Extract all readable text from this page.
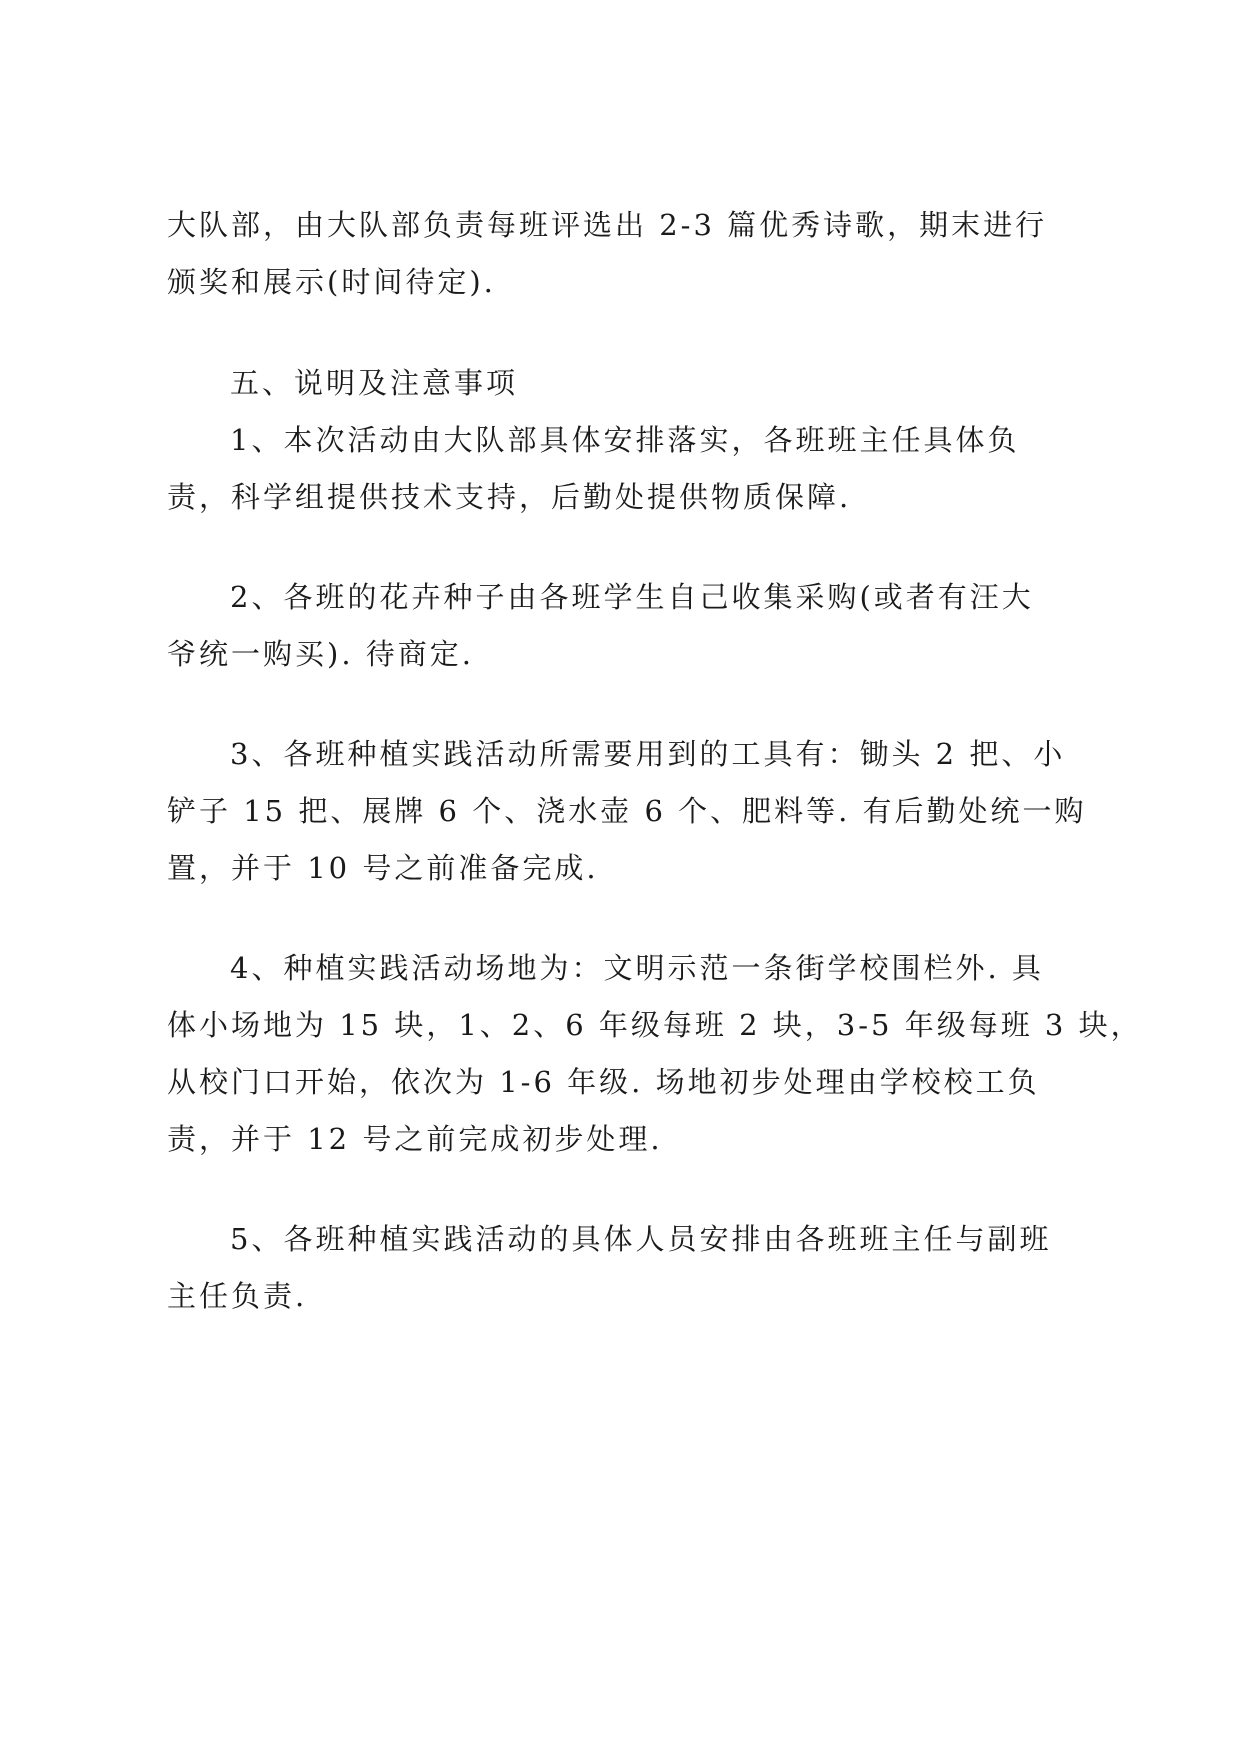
大队部，由大队部负责每班评选出 2-3 篇优秀诗歌，期末进行
颁奖和展示(时间待定).
五、说明及注意事项
1、本次活动由大队部具体安排落实，各班班主任具体负
责，科学组提供技术支持，后勤处提供物质保障.
2、各班的花卉种子由各班学生自己收集采购(或者有汪大
爷统一购买). 待商定.
3、各班种植实践活动所需要用到的工具有：锄头 2 把、小
铲子 15 把、展牌 6 个、浇水壶 6 个、肥料等. 有后勤处统一购
置，并于 10 号之前准备完成.
4、种植实践活动场地为：文明示范一条街学校围栏外. 具
体小场地为 15 块，1、2、6 年级每班 2 块，3-5 年级每班 3 块，
从校门口开始，依次为 1-6 年级. 场地初步处理由学校校工负
责，并于 12 号之前完成初步处理.
5、各班种植实践活动的具体人员安排由各班班主任与副班
主任负责.
